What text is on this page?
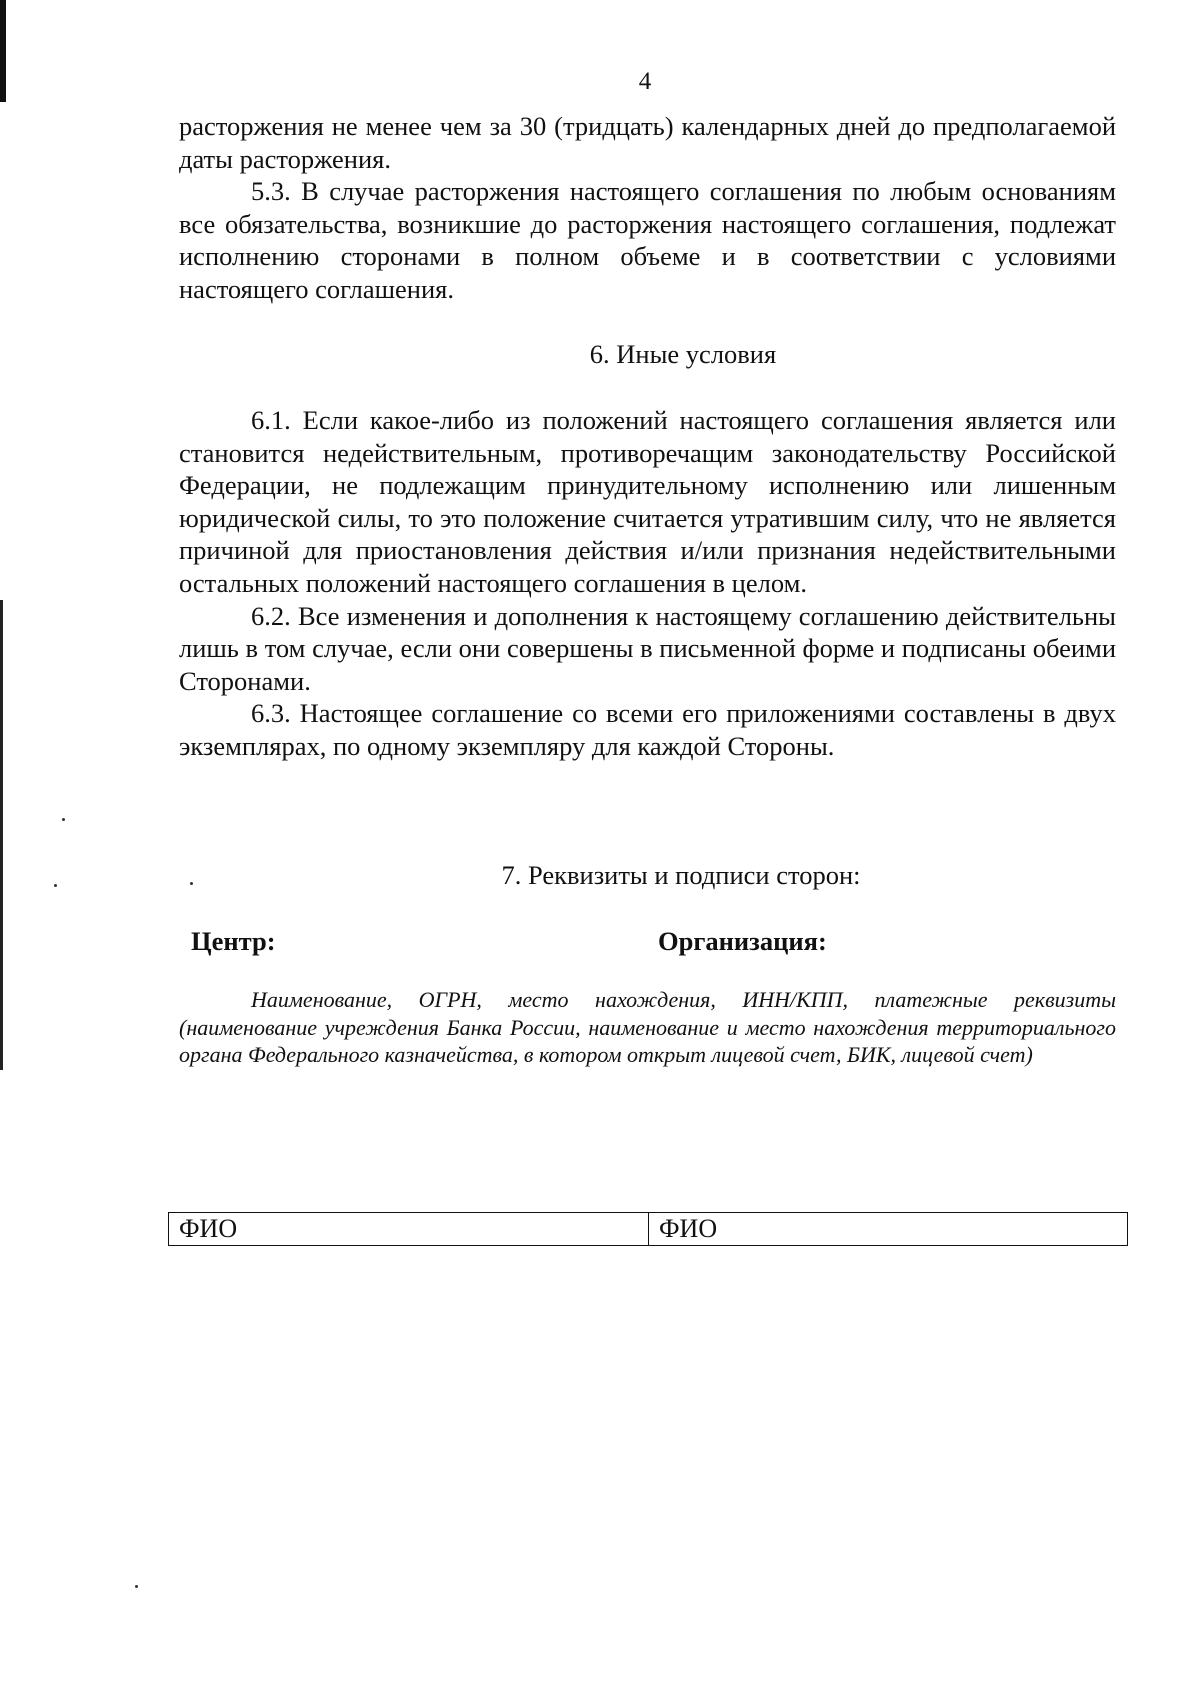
4

расторжения не менее чем за 30 (тридцать) календарных дней до предполагаемой даты расторжения.

5.3. В случае расторжения настоящего соглашения по любым основаниям все обязательства, возникшие до расторжения настоящего соглашения, подлежат исполнению сторонами в полном объеме и в соответствии с условиями настоящего соглашения.

6. Иные условия

6.1. Если какое-либо из положений настоящего соглашения является или становится недействительным, противоречащим законодательству Российской Федерации, не подлежащим принудительному исполнению или лишенным юридической силы, то это положение считается утратившим силу, что не является причиной для приостановления действия и/или признания недействительными остальных положений настоящего соглашения в целом.

6.2. Все изменения и дополнения к настоящему соглашению действительны лишь в том случае, если они совершены в письменной форме и подписаны обеими Сторонами.

6.3. Настоящее соглашение со всеми его приложениями составлены в двух экземплярах, по одному экземпляру для каждой Стороны.

7. Реквизиты и подписи сторон:
Центр:	Организация:

Наименование, ОГРН, место нахождения, ИНН/КПП, платежные реквизиты (наименование учреждения Банка России, наименование и место нахождения территориального органа Федерального казначейства, в котором открыт лицевой счет, БИК, лицевой счет)

ФИО	ФИО
